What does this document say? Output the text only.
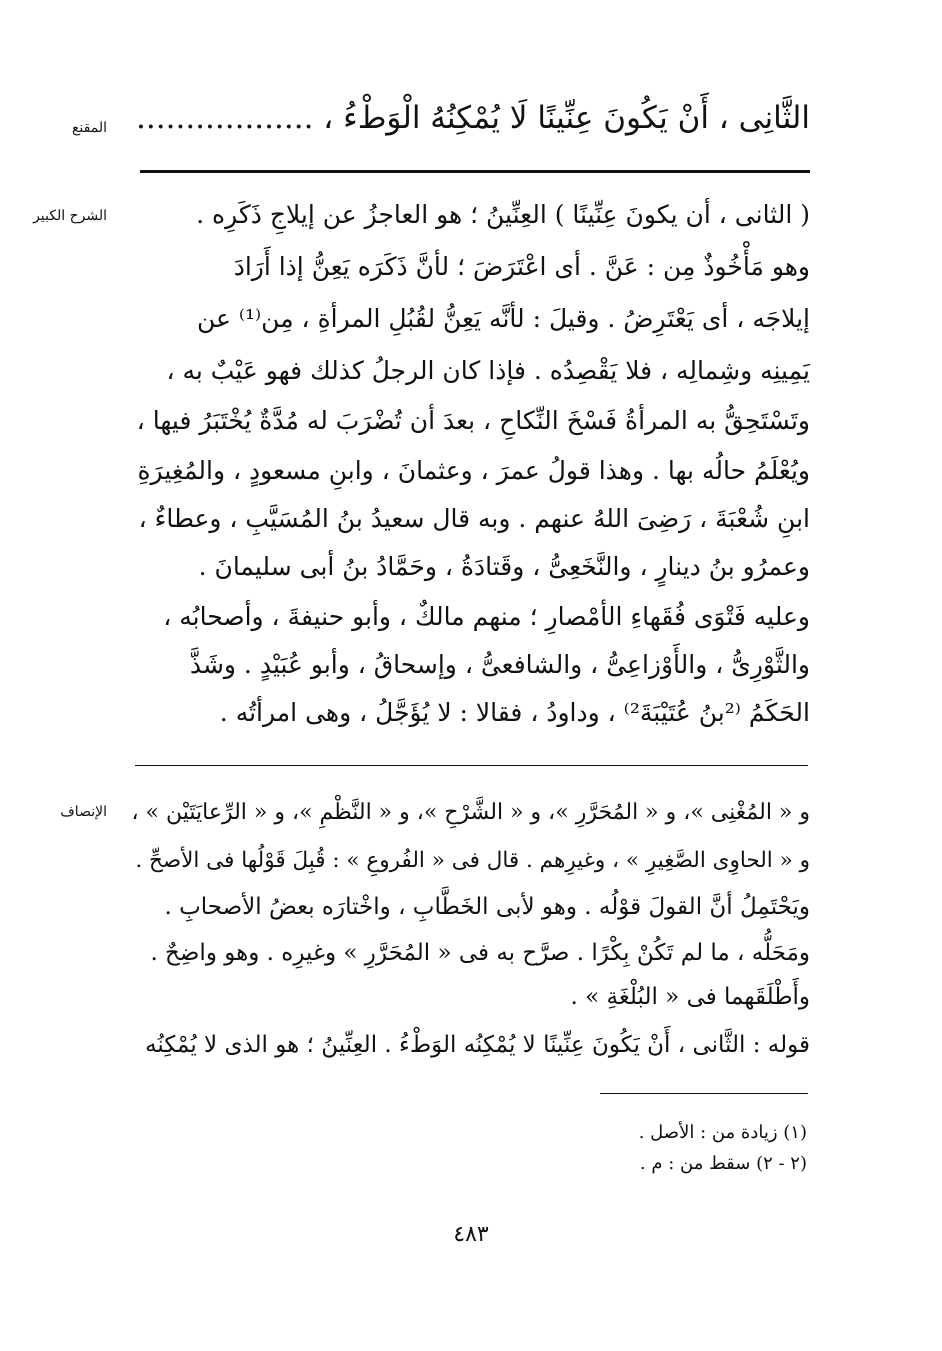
المقنع الثَّانِى ، أَنْ يَكُونَ عِنِّينًا لَا يُمْكِنُهُ الْوَطْءُ ، ..................
الشرح الكبير	( الثانى ، أن يكونَ عِنِّينًا ) العِنِّينُ ؛ هو العاجزُ عن إيلاجِ ذَكَرِه .
وهو مَأْخُوذٌ مِن : عَنَّ . أى اعْتَرَضَ ؛ لأنَّ ذَكَرَه يَعِنُّ إذا أَرَادَ
إيلاجَه ، أى يَعْتَرِضُ . وقيلَ : لأنَّه يَعِنُّ لقُبُلِ المرأةِ ، مِن⁽¹⁾ عن
يَمِينِه وشِمالِه ، فلا يَقْصِدُه . فإذا كان الرجلُ كذلك فهو عَيْبٌ به ،
وتَسْتَحِقُّ به المرأةُ فَسْخَ النِّكاحِ ، بعدَ أن تُضْرَبَ له مُدَّةٌ يُخْتَبَرُ فيها ،
ويُعْلَمُ حالُه بها . وهذا قولُ عمرَ ، وعثمانَ ، وابنِ مسعودٍ ، والمُغِيرَةِ
ابنِ شُعْبَةَ ، رَضِىَ اللهُ عنهم . وبه قال سعيدُ بنُ المُسَيَّبِ ، وعطاءٌ ،
وعمرُو بنُ دينارٍ ، والنَّخَعِىُّ ، وقَتادَةُ ، وحَمَّادُ بنُ أبى سليمانَ .
وعليه فَتْوَى فُقَهاءِ الأمْصارِ ؛ منهم مالكٌ ، وأبو حنيفةَ ، وأصحابُه ،
والثَّوْرِىُّ ، والأَوْزاعِىُّ ، والشافعىُّ ، وإسحاقُ ، وأبو عُبَيْدٍ . وشَذَّ
الحَكَمُ ⁽²بنُ عُتَيْبَةَ²⁾ ، وداودُ ، فقالا : لا يُؤَجَّلُ ، وهى امرأتُه .
الإنصاف و « المُغْنِى »، و « المُحَرَّرِ »، و « الشَّرْحِ »، و « النَّظْمِ »، و « الرِّعايَتَيْن » ،
و « الحاوِى الصَّغِيرِ » ، وغيرِهم . قال فى « الفُروعِ » : قُبِلَ قَوْلُها فى الأصحِّ .
ويَحْتَمِلُ أنَّ القولَ قوْلُه . وهو لأبى الخَطَّابِ ، واخْتارَه بعضُ الأصحابِ .
ومَحَلُّه ، ما لم تَكُنْ بِكْرًا . صرَّح به فى « المُحَرَّرِ » وغيرِه . وهو واضِحٌ .
وأَطْلَقَهما فى « البُلْغَةِ » .
قوله : الثَّانى ، أَنْ يَكُونَ عِنِّينًا لا يُمْكِنُه الوَطْءُ . العِنِّينُ ؛ هو الذى لا يُمْكِنُه
(١) زيادة من : الأصل .
(٢ - ٢) سقط من : م .
٤٨٣
